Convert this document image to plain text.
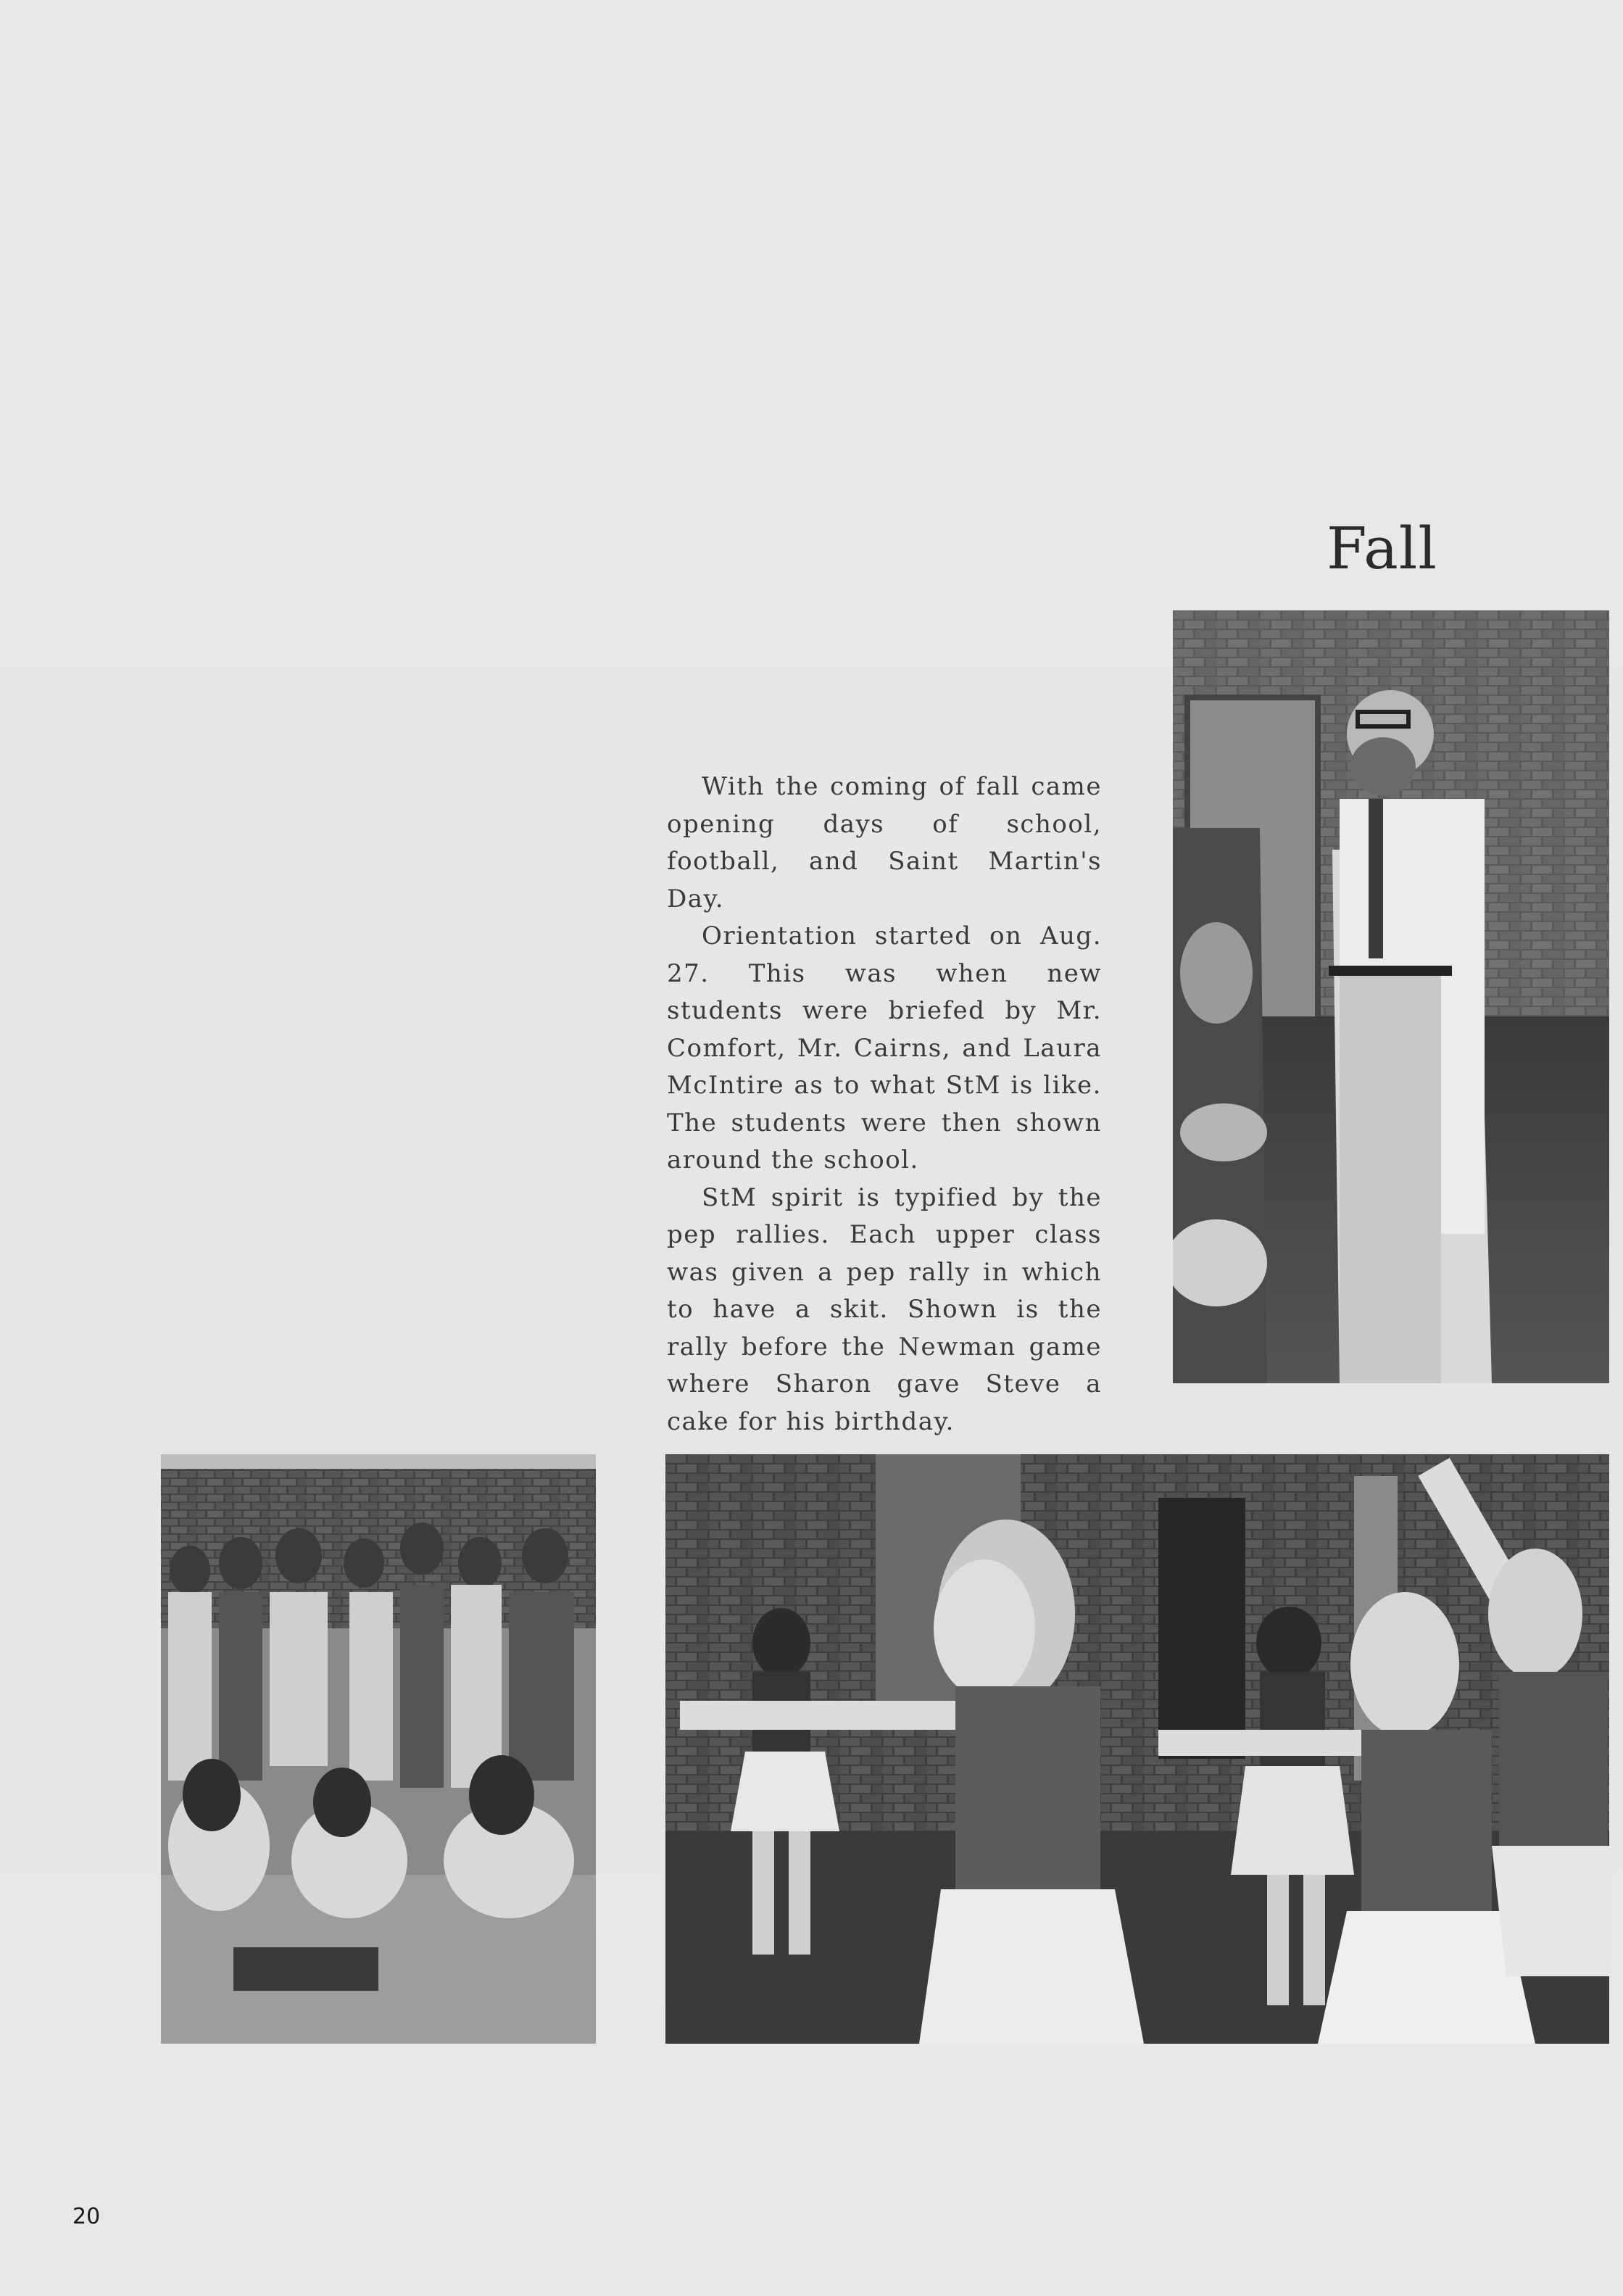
Fall

With the coming of fall came opening days of school, football, and Saint Martin's Day.

Orientation started on Aug. 27. This was when new students were briefed by Mr. Comfort, Mr. Cairns, and Laura McIntire as to what StM is like. The students were then shown around the school.

StM spirit is typified by the pep rallies. Each upper class was given a pep rally in which to have a skit. Shown is the rally before the Newman game where Sharon gave Steve a cake for his birthday.

20
